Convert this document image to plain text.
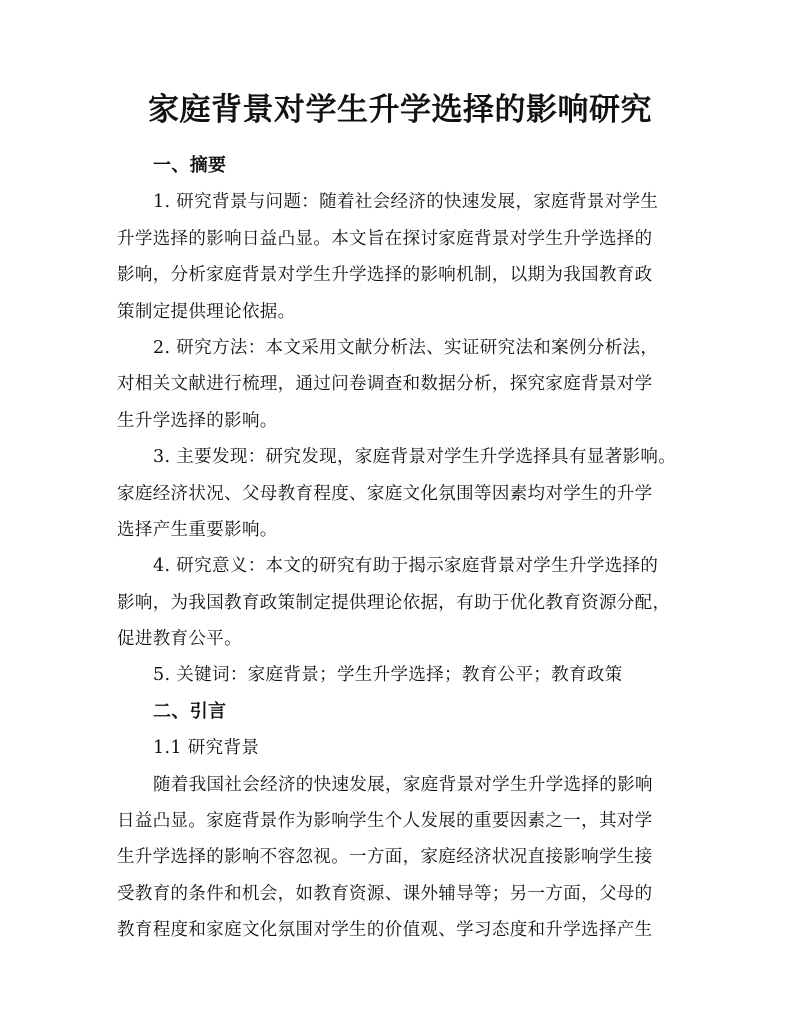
家庭背景对学生升学选择的影响研究
一、摘要
1. 研究背景与问题：随着社会经济的快速发展，家庭背景对学生
升学选择的影响日益凸显。本文旨在探讨家庭背景对学生升学选择的
影响，分析家庭背景对学生升学选择的影响机制，以期为我国教育政
策制定提供理论依据。
2. 研究方法：本文采用文献分析法、实证研究法和案例分析法，
对相关文献进行梳理，通过问卷调查和数据分析，探究家庭背景对学
生升学选择的影响。
3. 主要发现：研究发现，家庭背景对学生升学选择具有显著影响。
家庭经济状况、父母教育程度、家庭文化氛围等因素均对学生的升学
选择产生重要影响。
4. 研究意义：本文的研究有助于揭示家庭背景对学生升学选择的
影响，为我国教育政策制定提供理论依据，有助于优化教育资源分配，
促进教育公平。
5. 关键词：家庭背景；学生升学选择；教育公平；教育政策
二、引言
1.1 研究背景
随着我国社会经济的快速发展，家庭背景对学生升学选择的影响
日益凸显。家庭背景作为影响学生个人发展的重要因素之一，其对学
生升学选择的影响不容忽视。一方面，家庭经济状况直接影响学生接
受教育的条件和机会，如教育资源、课外辅导等；另一方面，父母的
教育程度和家庭文化氛围对学生的价值观、学习态度和升学选择产生
